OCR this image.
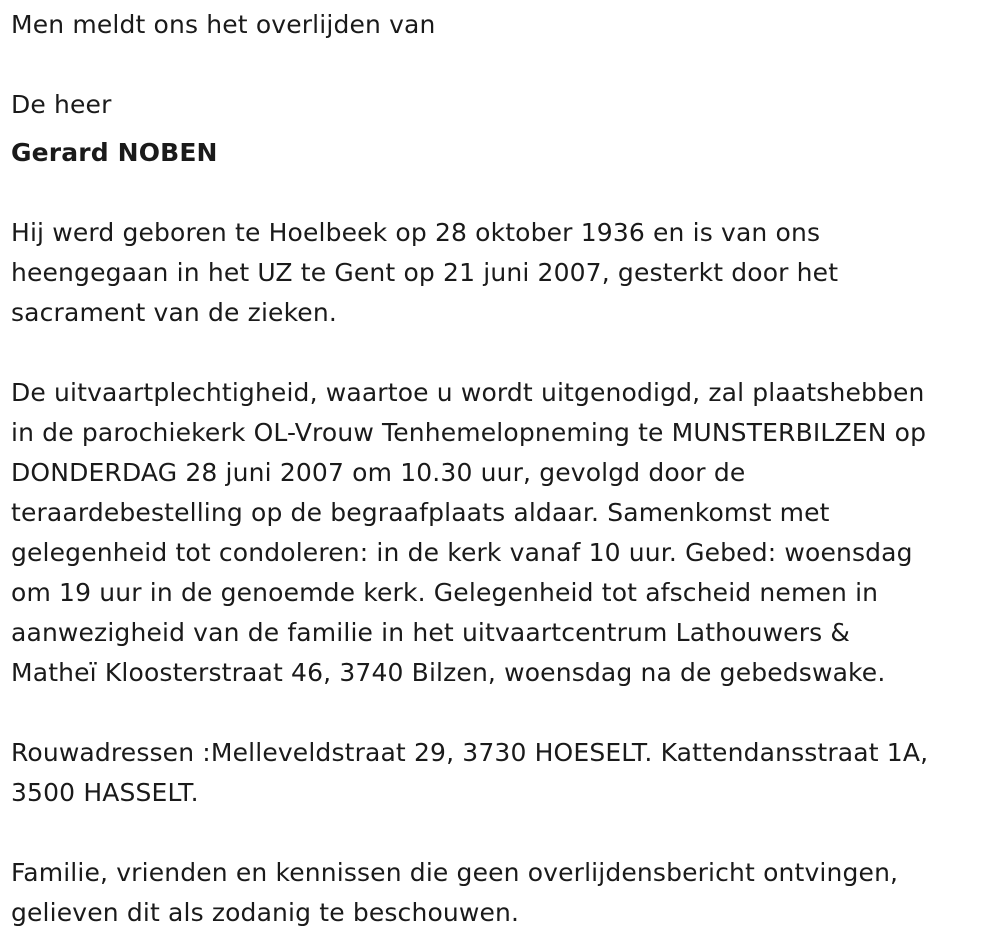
Men meldt ons het overlijden van

De heer

Gerard NOBEN

Hij werd geboren te Hoelbeek op 28 oktober 1936 en is van ons

heengegaan in het UZ te Gent op 21 juni 2007, gesterkt door het

sacrament van de zieken.

De uitvaartplechtigheid, waartoe u wordt uitgenodigd, zal plaatshebben

in de parochiekerk OL-Vrouw Tenhemelopneming te MUNSTERBILZEN op

DONDERDAG 28 juni 2007 om 10.30 uur, gevolgd door de

teraardebestelling op de begraafplaats aldaar. Samenkomst met

gelegenheid tot condoleren: in de kerk vanaf 10 uur. Gebed: woensdag

om 19 uur in de genoemde kerk. Gelegenheid tot afscheid nemen in

aanwezigheid van de familie in het uitvaartcentrum Lathouwers &

Matheï Kloosterstraat 46, 3740 Bilzen, woensdag na de gebedswake.

Rouwadressen :Melleveldstraat 29, 3730 HOESELT. Kattendansstraat 1A,

3500 HASSELT.

Familie, vrienden en kennissen die geen overlijdensbericht ontvingen,

gelieven dit als zodanig te beschouwen.
